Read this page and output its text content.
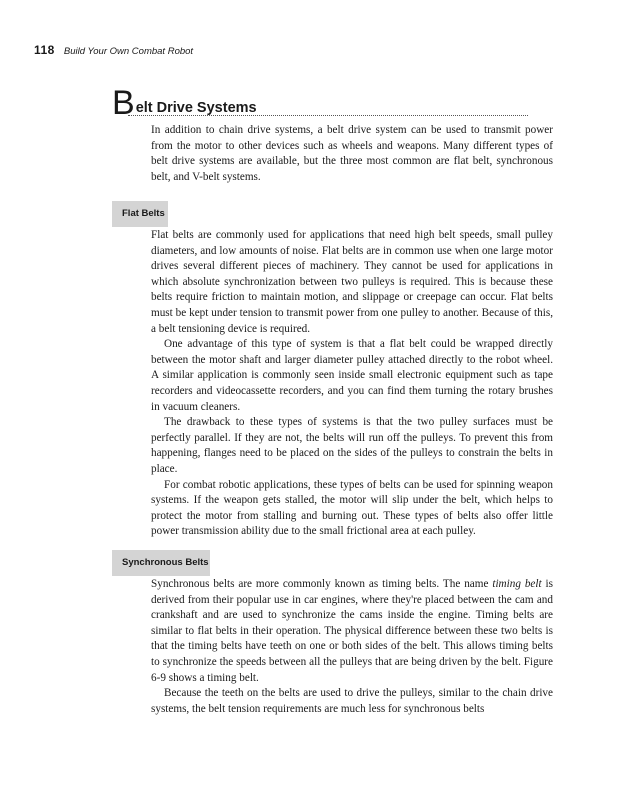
118 Build Your Own Combat Robot
B elt Drive Systems

In addition to chain drive systems, a belt drive system can be used to transmit power from the motor to other devices such as wheels and weapons. Many different types of belt drive systems are available, but the three most common are flat belt, synchronous belt, and V-belt systems.

Flat Belts

Flat belts are commonly used for applications that need high belt speeds, small pulley diameters, and low amounts of noise. Flat belts are in common use when one large motor drives several different pieces of machinery. They cannot be used for applications in which absolute synchronization between two pulleys is required. This is because these belts require friction to maintain motion, and slippage or creepage can occur. Flat belts must be kept under tension to transmit power from one pulley to another. Because of this, a belt tensioning device is required.

One advantage of this type of system is that a flat belt could be wrapped directly between the motor shaft and larger diameter pulley attached directly to the robot wheel. A similar application is commonly seen inside small electronic equipment such as tape recorders and videocassette recorders, and you can find them turning the rotary brushes in vacuum cleaners.

The drawback to these types of systems is that the two pulley surfaces must be perfectly parallel. If they are not, the belts will run off the pulleys. To prevent this from happening, flanges need to be placed on the sides of the pulleys to constrain the belts in place.

For combat robotic applications, these types of belts can be used for spinning weapon systems. If the weapon gets stalled, the motor will slip under the belt, which helps to protect the motor from stalling and burning out. These types of belts also offer little power transmission ability due to the small frictional area at each pulley.

Synchronous Belts

Synchronous belts are more commonly known as timing belts. The name timing belt is derived from their popular use in car engines, where they're placed between the cam and crankshaft and are used to synchronize the cams inside the engine. Timing belts are similar to flat belts in their operation. The physical difference between these two belts is that the timing belts have teeth on one or both sides of the belt. This allows timing belts to synchronize the speeds between all the pulleys that are being driven by the belt. Figure 6-9 shows a timing belt.

Because the teeth on the belts are used to drive the pulleys, similar to the chain drive systems, the belt tension requirements are much less for synchronous belts
